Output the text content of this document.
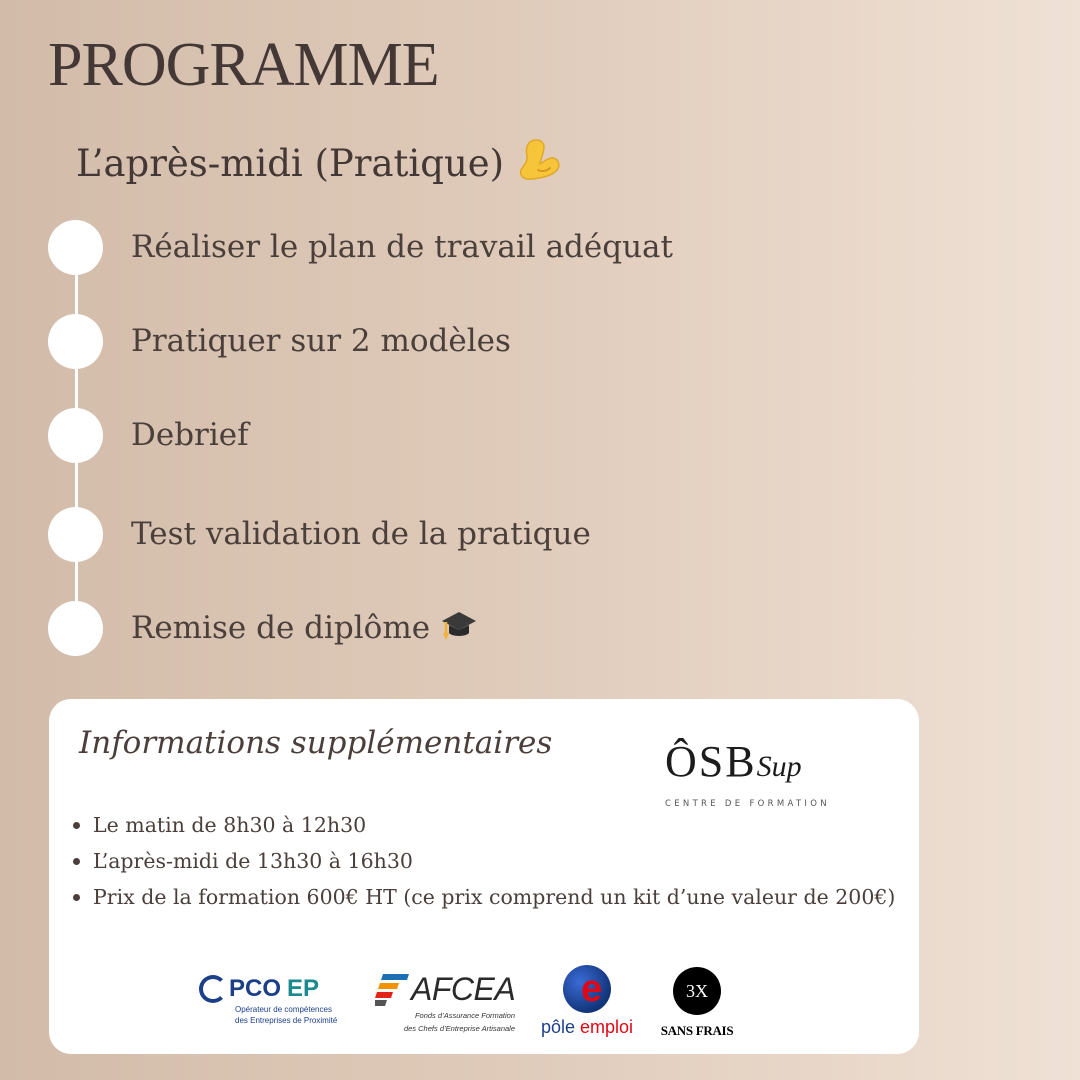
PROGRAMME
L’après-midi (Pratique)
Réaliser le plan de travail adéquat
Pratiquer sur 2 modèles
Debrief
Test validation de la pratique
Remise de diplôme
Informations supplémentaires	ÔSBSup
CENTRE DE FORMATION
Le matin de 8h30 à 12h30
L’après-midi de 13h30 à 16h30
Prix de la formation 600€ HT (ce prix comprend un kit d’une valeur de 200€)
PCO EP
Opérateur de compétences
des Entreprises de Proximité
AFCEA
Fonds d’Assurance Formation
des Chefs d’Entreprise Artisanale
e
pôle emploi
3X
SANS FRAIS
